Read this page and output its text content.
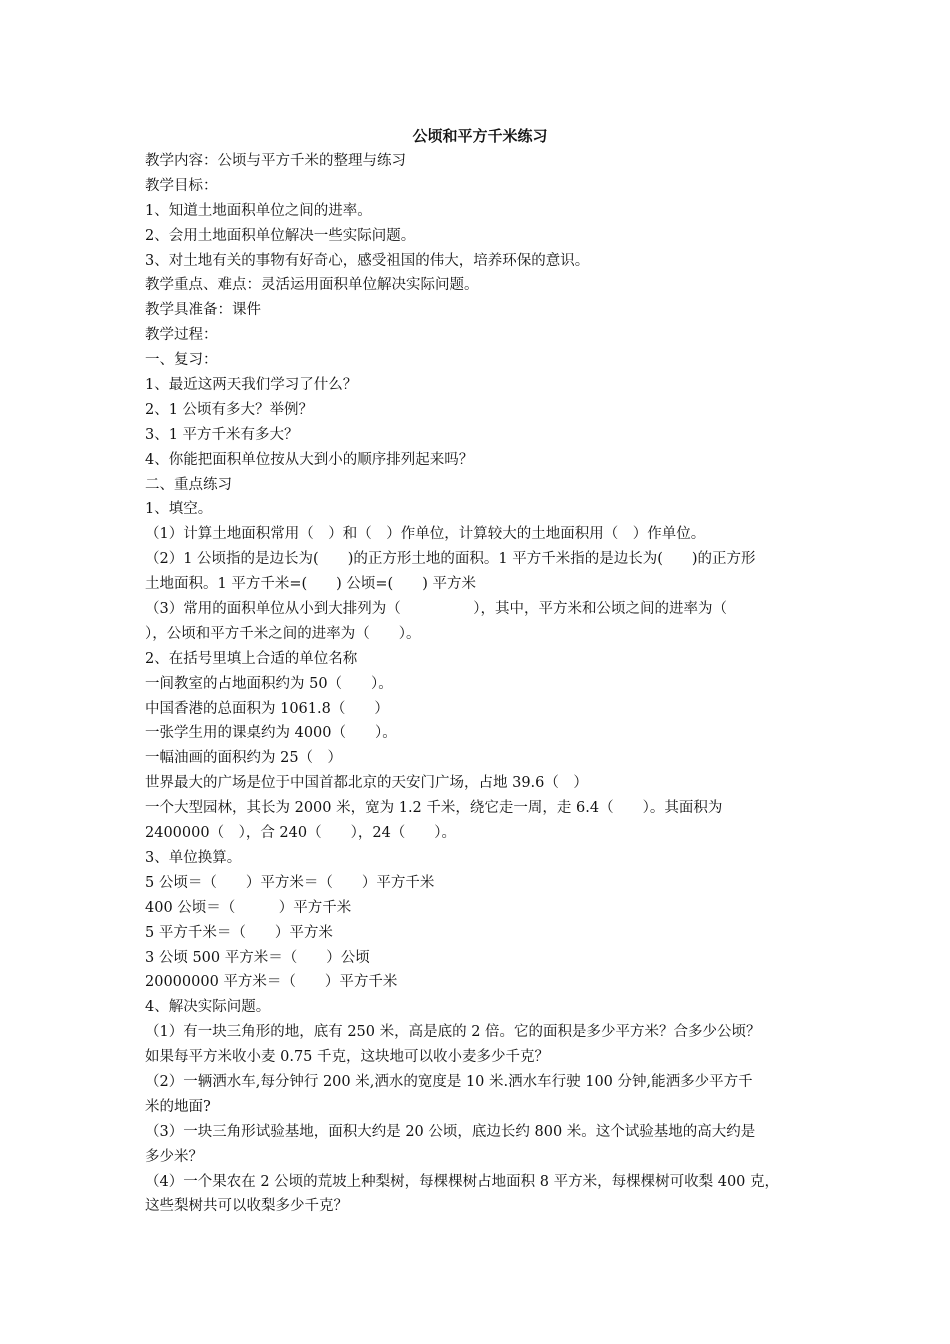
公顷和平方千米练习
教学内容：公顷与平方千米的整理与练习
教学目标：
1、知道土地面积单位之间的进率。
2、会用土地面积单位解决一些实际问题。
3、对土地有关的事物有好奇心，感受祖国的伟大，培养环保的意识。
教学重点、难点：灵活运用面积单位解决实际问题。
教学具准备：课件
教学过程：
一、复习：
1、最近这两天我们学习了什么？
2、1 公顷有多大？举例？
3、1 平方千米有多大？
4、你能把面积单位按从大到小的顺序排列起来吗？
二、重点练习
1、填空。
（1）计算土地面积常用（　）和（　）作单位，计算较大的土地面积用（　）作单位。
（2）1 公顷指的是边长为(　　)的正方形土地的面积。1 平方千米指的是边长为(　　)的正方形
土地面积。1 平方千米=(　　) 公顷=(　　) 平方米
（3）常用的面积单位从小到大排列为（　　　　　），其中，平方米和公顷之间的进率为（
），公顷和平方千米之间的进率为（　　）。
2、在括号里填上合适的单位名称
一间教室的占地面积约为 50（　　）。
中国香港的总面积为 1061.8（　　）
一张学生用的课桌约为 4000（　　）。
一幅油画的面积约为 25（　）
世界最大的广场是位于中国首都北京的天安门广场，占地 39.6（　）
一个大型园林，其长为 2000 米，宽为 1.2 千米，绕它走一周，走 6.4（　　）。其面积为
2400000（　），合 240（　　），24（　　）。
3、单位换算。
5 公顷＝（　　）平方米＝（　　）平方千米
400 公顷＝（　　　）平方千米
5 平方千米＝（　　）平方米
3 公顷 500 平方米＝（　　）公顷
20000000 平方米＝（　　）平方千米
4、解决实际问题。
（1）有一块三角形的地，底有 250 米，高是底的 2 倍。它的面积是多少平方米？合多少公顷？
如果每平方米收小麦 0.75 千克，这块地可以收小麦多少千克？
（2）一辆洒水车,每分钟行 200 米,洒水的宽度是 10 米.洒水车行驶 100 分钟,能洒多少平方千
米的地面?
（3）一块三角形试验基地，面积大约是 20 公顷，底边长约 800 米。这个试验基地的高大约是
多少米？
（4）一个果农在 2 公顷的荒坡上种梨树，每棵棵树占地面积 8 平方米，每棵棵树可收梨 400 克，
这些梨树共可以收梨多少千克？
